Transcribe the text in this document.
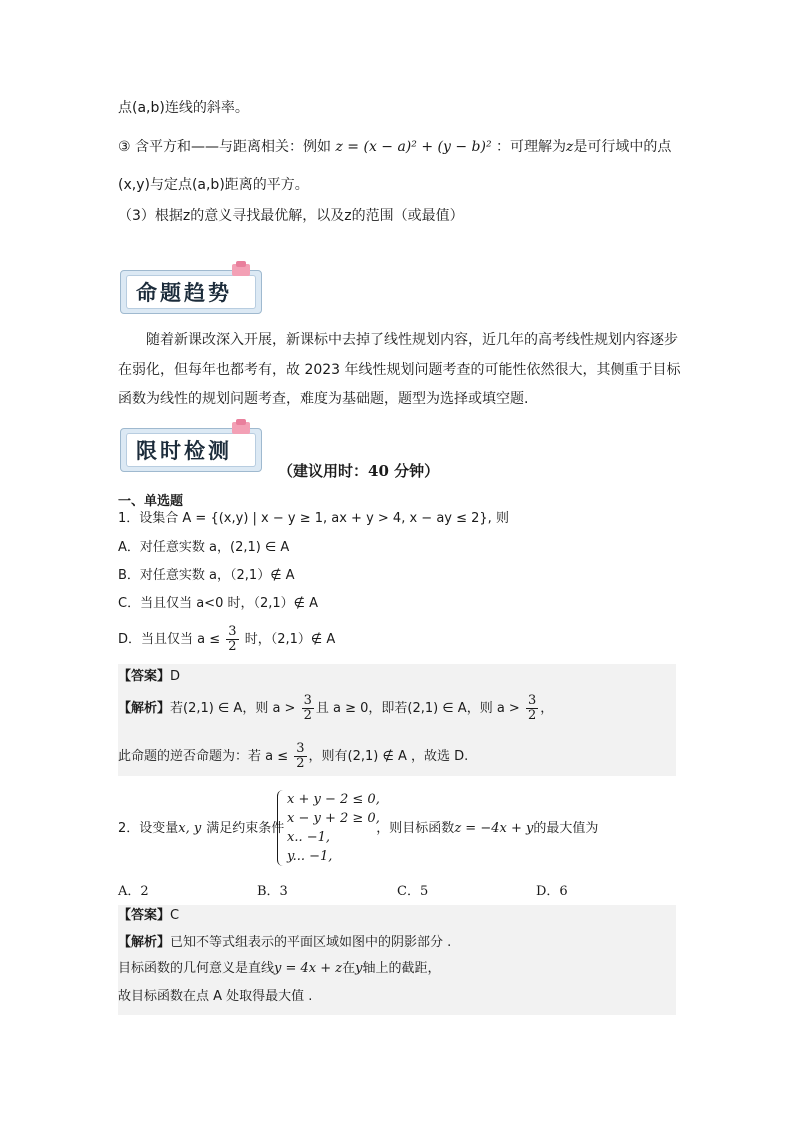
点(a,b)连线的斜率。
③ 含平方和——与距离相关：例如 z = (x − a)² + (y − b)² ：可理解为z是可行域中的点
(x,y)与定点(a,b)距离的平方。
（3）根据z的意义寻找最优解，以及z的范围（或最值）
命题趋势
随着新课改深入开展，新课标中去掉了线性规划内容，近几年的高考线性规划内容逐步
在弱化，但每年也都考有，故 2023 年线性规划问题考查的可能性依然很大，其侧重于目标
函数为线性的规划问题考查，难度为基础题，题型为选择或填空题.
限时检测
（建议用时：40 分钟）
一、单选题
1．设集合 A = {(x,y) | x − y ≥ 1, ax + y > 4, x − ay ≤ 2}, 则
A．对任意实数 a，(2,1) ∈ A
B．对任意实数 a，（2,1）∉ A
C．当且仅当 a<0 时，（2,1）∉ A
D．当且仅当 $a \le \frac{3}{2}$ 时，（2,1）∉ A
【答案】D
【解析】若(2,1) ∈ A，则 $a > \frac{3}{2}$ 且 a ≥ 0，即若(2,1) ∈ A，则 $a > \frac{3}{2}$ ，
此命题的逆否命题为：若 $a \le \frac{3}{2}$ ，则有(2,1) ∉ A ，故选 D.
2．设变量x, y 满足约束条件	，则目标函数z = −4x + y的最大值为
x + y − 2 ≤ 0,
x − y + 2 ≥ 0,
x.. −1,
y... −1,
A．2	B．3	C．5	D．6
【答案】C
【解析】已知不等式组表示的平面区域如图中的阴影部分 .
目标函数的几何意义是直线y = 4x + z在y轴上的截距，
故目标函数在点 A 处取得最大值 .
